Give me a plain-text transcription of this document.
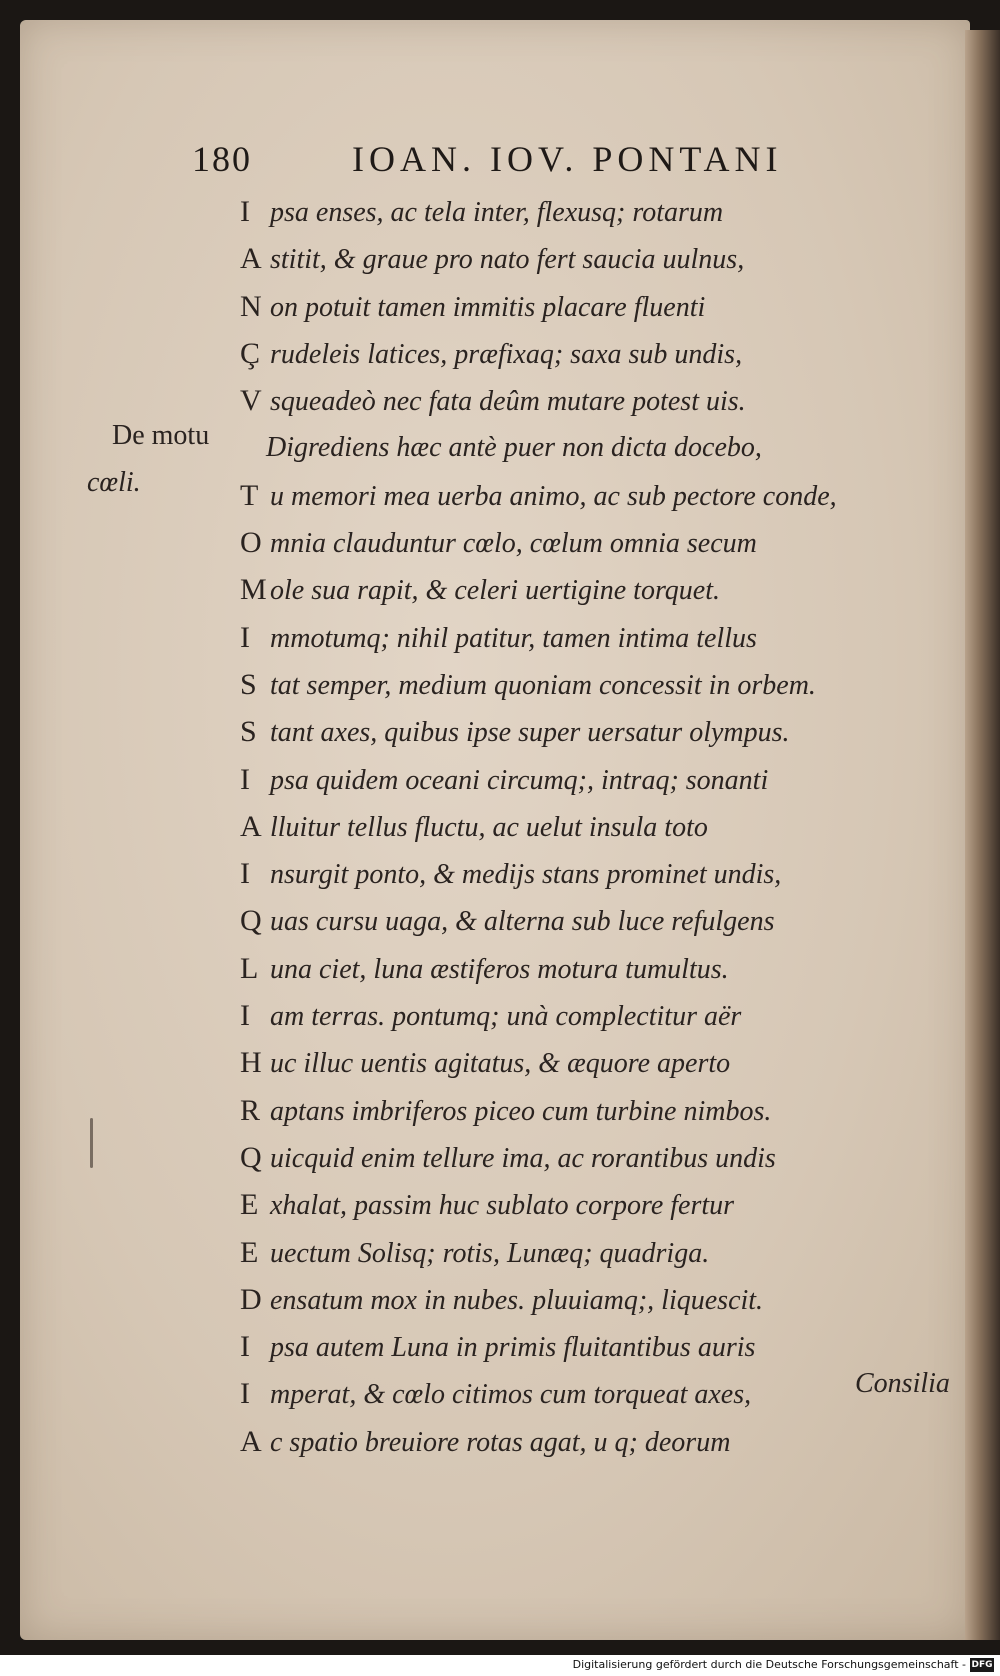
180	IOAN. IOV. PONTANI
De motu
cœli.
I psa enses, ac tela inter, flexusq; rotarum
A stitit, & graue pro nato fert saucia uulnus,
N on potuit tamen immitis placare fluenti
Ç rudeleis latices, præfixaq; saxa sub undis,
V squeadeò nec fata deûm mutare potest uis.
Digrediens hæc antè puer non dicta docebo,
T u memori mea uerba animo, ac sub pectore conde,
O mnia clauduntur cœlo, cœlum omnia secum
M ole sua rapit, & celeri uertigine torquet.
I mmotumq; nihil patitur, tamen intima tellus
S tat semper, medium quoniam concessit in orbem.
S tant axes, quibus ipse super uersatur olympus.
I psa quidem oceani circumq;, intraq; sonanti
A lluitur tellus fluctu, ac uelut insula toto
I nsurgit ponto, & medijs stans prominet undis,
Q uas cursu uaga, & alterna sub luce refulgens
L una ciet, luna æstiferos motura tumultus.
I am terras. pontumq; unà complectitur aër
H uc illuc uentis agitatus, & æquore aperto
R aptans imbriferos piceo cum turbine nimbos.
Q uicquid enim tellure ima, ac rorantibus undis
E xhalat, passim huc sublato corpore fertur
E uectum Solisq; rotis, Lunæq; quadriga.
D ensatum mox in nubes. pluuiamq;, liquescit.
I psa autem Luna in primis fluitantibus auris
I mperat, & cœlo citimos cum torqueat axes,
A c spatio breuiore rotas agat, u q; deorum
Consilia
Digitalisierung gefördert durch die Deutsche Forschungsgemeinschaft - DFG
